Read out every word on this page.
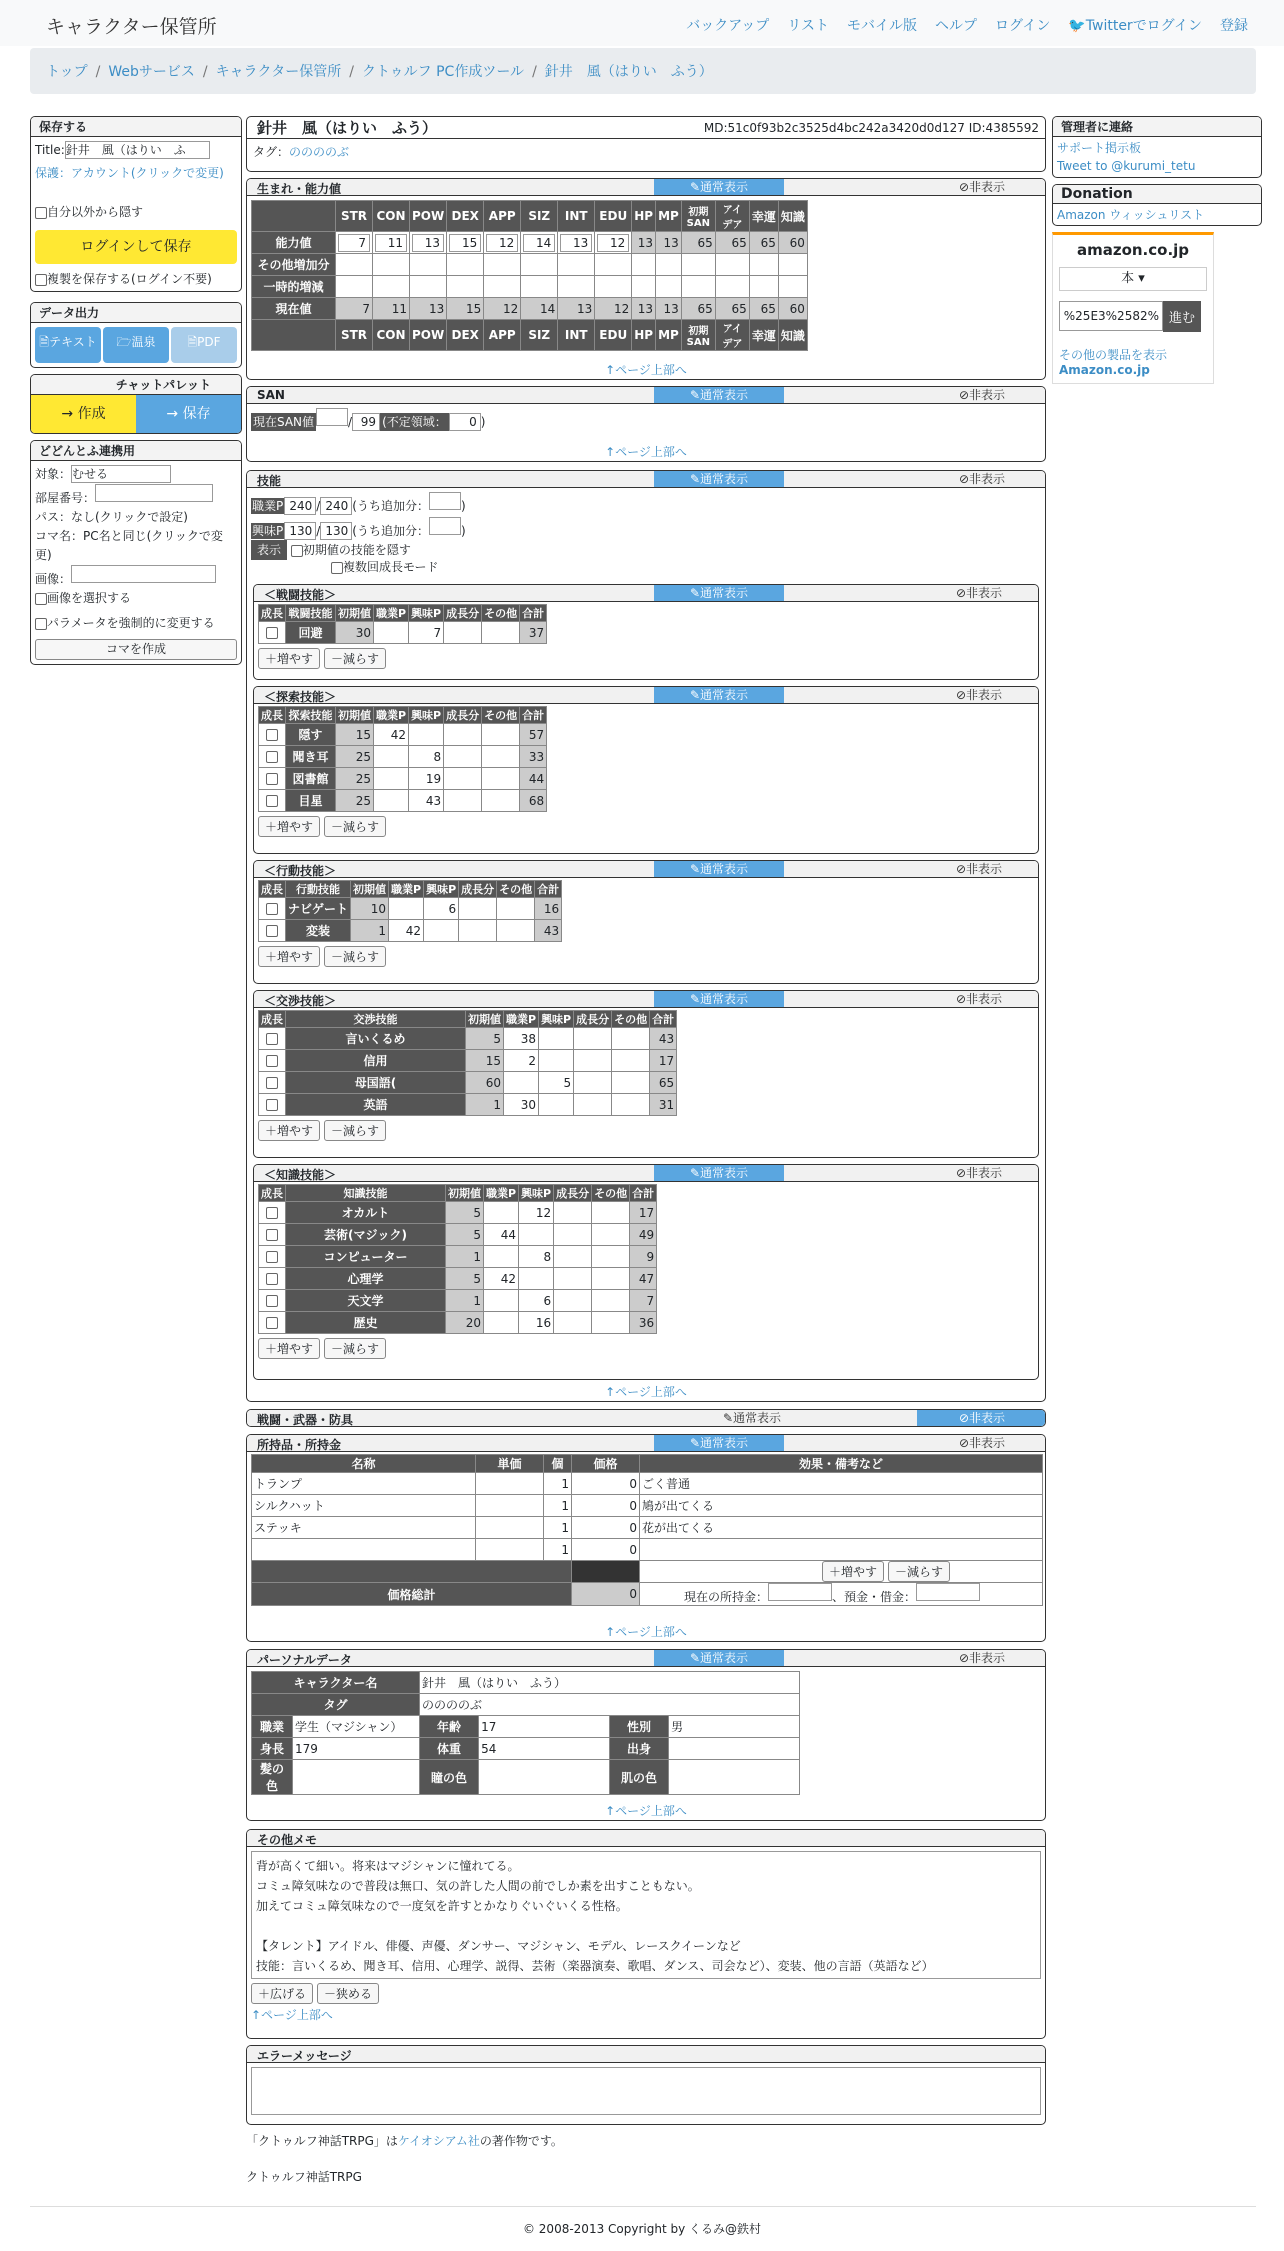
キャラクター保管所	バックアップ リスト モバイル版 ヘルプ ログイン 🐦Twitterでログイン 登録
トップ / Webサービス / キャラクター保管所 / クトゥルフ PC作成ツール / 針井　風（はりい　ふう）
保存する
Title:針井　風（はりい　ふ
保護：アカウント(クリックで変更)
自分以外から隠す
ログインして保存
複製を保存する(ログイン不要)
データ出力
🗎テキスト	🗁温泉	🗎PDF
チャットパレット
→ 作成	→ 保存
どどんとふ連携用
対象：むせる
部屋番号：
パス：なし(クリックで設定)
コマ名：PC名と同じ(クリックで変更)
画像：
画像を選択する
パラメータを強制的に変更する
コマを作成
管理者に連絡
サポート掲示板
Tweet to @kurumi_tetu
Donation
Amazon ウィッシュリスト
amazon.co.jp
本 ▾
%25E3%2582% 進む
その他の製品を表示
Amazon.co.jp
針井　風（はりい　ふう）	MD:51c0f93b2c3525d4bc242a3420d0d127 ID:4385592
タグ：ののののぶ
生まれ・能力値	✎通常表示	⊘非表示
	STR	CON	POW	DEX	APP	SIZ	INT	EDU	HP	MP	初期SAN	アイデア	幸運	知識
能力値	7	11	13	15	12	14	13	12	13	13	65	65	65	60
その他増加分														
一時的増減														
現在値	7	11	13	15	12	14	13	12	13	13	65	65	65	60
	STR	CON	POW	DEX	APP	SIZ	INT	EDU	HP	MP	初期SAN	アイデア	幸運	知識
↑ページ上部へ
SAN	✎通常表示	⊘非表示
現在SAN値	/ 99 (不定領域： 0 )
↑ページ上部へ
技能	✎通常表示	⊘非表示
職業P 240 / 240 (うち追加分：	)
興味P 130 / 130 (うち追加分：	)
表示 初期値の技能を隠す
複数回成長モード
＜戦闘技能＞	✎通常表示	⊘非表示
成長	戦闘技能	初期値	職業P	興味P	成長分	その他	合計
	回避	30		7			37
＋増やす －減らす
＜探索技能＞	✎通常表示	⊘非表示
成長	探索技能	初期値	職業P	興味P	成長分	その他	合計
	隠す	15	42				57
	聞き耳	25		8			33
	図書館	25		19			44
	目星	25		43			68
＋増やす －減らす
＜行動技能＞	✎通常表示	⊘非表示
成長	行動技能	初期値	職業P	興味P	成長分	その他	合計
	ナビゲート	10		6			16
	変装	1	42				43
＋増やす －減らす
＜交渉技能＞	✎通常表示	⊘非表示
成長	交渉技能	初期値	職業P	興味P	成長分	その他	合計
	言いくるめ	5	38				43
	信用	15	2				17
	母国語(	60		5			65
	英語	1	30				31
＋増やす －減らす
＜知識技能＞	✎通常表示	⊘非表示
成長	知識技能	初期値	職業P	興味P	成長分	その他	合計
	オカルト	5		12			17
	芸術(マジック)	5	44				49
	コンピューター	1		8			9
	心理学	5	42				47
	天文学	1		6			7
	歴史	20		16			36
＋増やす －減らす
↑ページ上部へ
戦闘・武器・防具	✎通常表示	⊘非表示
所持品・所持金	✎通常表示	⊘非表示
名称	単価	個	価格	効果・備考など
トランプ		1	0	ごく普通
シルクハット		1	0	鳩が出てくる
ステッキ		1	0	花が出てくる
		1	0	
				＋増やす －減らす
価格総計			0	現在の所持金： 、預金・借金：
↑ページ上部へ
パーソナルデータ	✎通常表示	⊘非表示
キャラクター名		針井　風（はりい　ふう）			
タグ		ののののぶ			
職業	学生（マジシャン）	年齢	17	性別	男
身長	179	体重	54	出身	
髪の色		瞳の色		肌の色	
↑ページ上部へ
その他メモ
背が高くて細い。将来はマジシャンに憧れてる。
コミュ障気味なので普段は無口、気の許した人間の前でしか素を出すこともない。
加えてコミュ障気味なので一度気を許すとかなりぐいぐいくる性格。
【タレント】アイドル、俳優、声優、ダンサー、マジシャン、モデル、レースクイーンなど
技能：言いくるめ、聞き耳、信用、心理学、説得、芸術（楽器演奏、歌唱、ダンス、司会など）、変装、他の言語（英語など）
＋広げる －狭める
↑ページ上部へ
エラーメッセージ
「クトゥルフ神話TRPG」はケイオシアム社の著作物です。
クトゥルフ神話TRPG
© 2008-2013 Copyright by くるみ@鉄村
